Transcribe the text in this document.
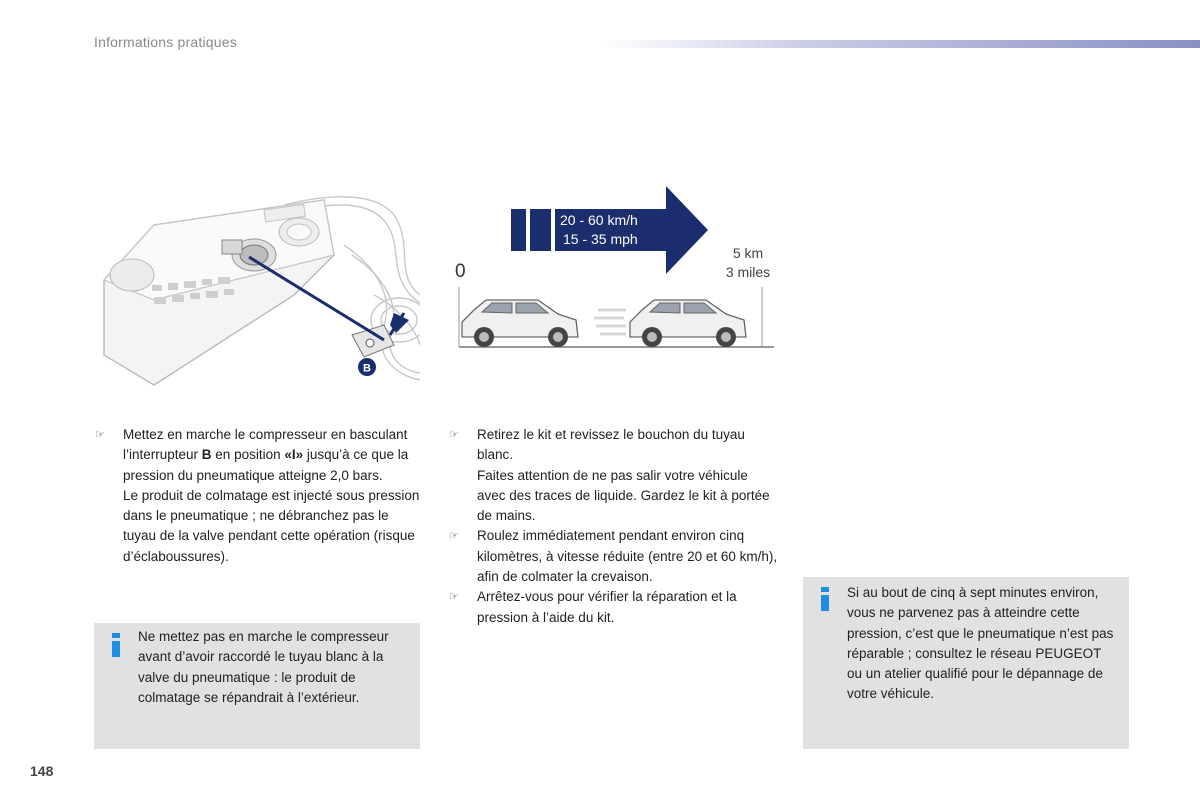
Informations pratiques
B
20 - 60 km/h
15 - 35 mph
0
5 km
3 miles
☞ Mettez en marche le compresseur en basculant l’interrupteur B en position «I» jusqu’à ce que la pression du pneumatique atteigne 2,0 bars.

Le produit de colmatage est injecté sous pression dans le pneumatique ; ne débranchez pas le tuyau de la valve pendant cette opération (risque d’éclaboussures).

☞ Retirez le kit et revissez le bouchon du tuyau blanc.

Faites attention de ne pas salir votre véhicule avec des traces de liquide. Gardez le kit à portée de mains.

☞ Roulez immédiatement pendant environ cinq kilomètres, à vitesse réduite (entre 20 et 60 km/h), afin de colmater la crevaison.

☞ Arrêtez-vous pour vérifier la réparation et la pression à l’aide du kit.

Ne mettez pas en marche le compresseur avant d’avoir raccordé le tuyau blanc à la valve du pneumatique : le produit de colmatage se répandrait à l’extérieur.

Si au bout de cinq à sept minutes environ, vous ne parvenez pas à atteindre cette pression, c’est que le pneumatique n’est pas réparable ; consultez le réseau PEUGEOT ou un atelier qualifié pour le dépannage de votre véhicule.

148
